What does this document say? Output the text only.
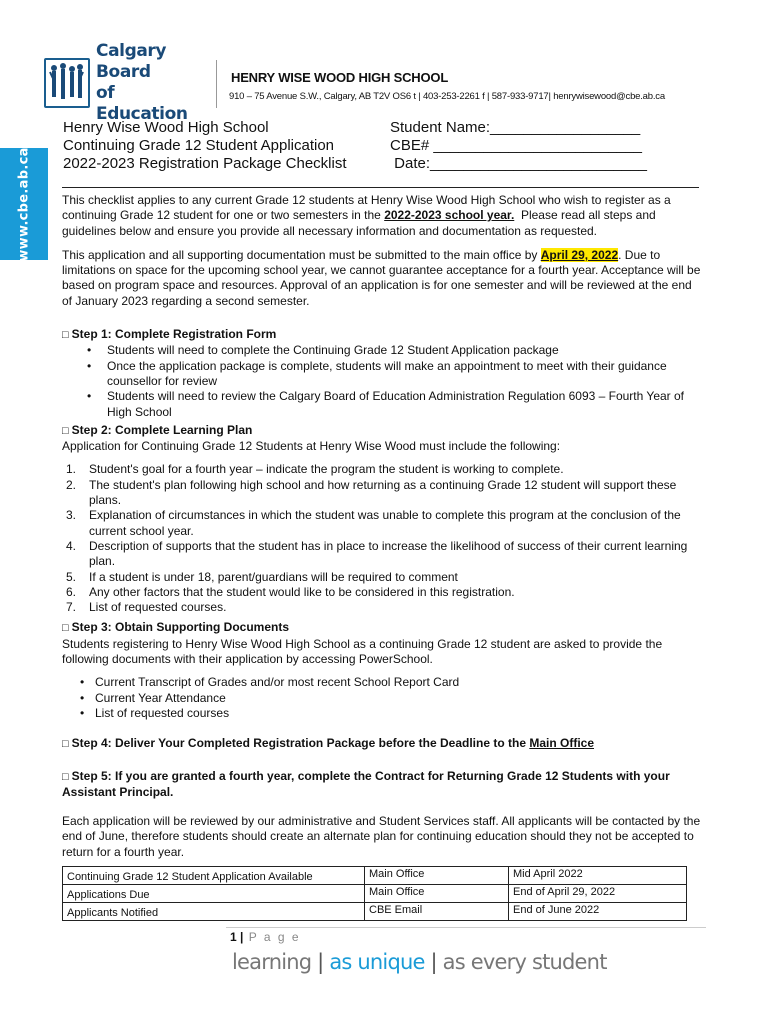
www.cbe.ab.ca
Calgary Board
of Education
HENRY WISE WOOD HIGH SCHOOL
910 – 75 Avenue S.W., Calgary, AB T2V OS6 t | 403-253-2261 f | 587-933-9717| henrywisewood@cbe.ab.ca
Henry Wise Wood High School
Continuing Grade 12 Student Application
2022-2023 Registration Package Checklist
Student Name:__________________
CBE# _________________________
Date:__________________________

This checklist applies to any current Grade 12 students at Henry Wise Wood High School who wish to register as a continuing Grade 12 student for one or two semesters in the 2022-2023 school year.  Please read all steps and guidelines below and ensure you provide all necessary information and documentation as requested.

This application and all supporting documentation must be submitted to the main office by April 29, 2022. Due to limitations on space for the upcoming school year, we cannot guarantee acceptance for a fourth year. Acceptance will be based on program space and resources. Approval of an application is for one semester and will be reviewed at the end of January 2023 regarding a second semester.

□ Step 1: Complete Registration Form

• Students will need to complete the Continuing Grade 12 Student Application package
• Once the application package is complete, students will make an appointment to meet with their guidance counsellor for review
• Students will need to review the Calgary Board of Education Administration Regulation 6093 – Fourth Year of High School

□ Step 2: Complete Learning Plan

Application for Continuing Grade 12 Students at Henry Wise Wood must include the following:

1. Student's goal for a fourth year – indicate the program the student is working to complete.
2. The student's plan following high school and how returning as a continuing Grade 12 student will support these plans.
3. Explanation of circumstances in which the student was unable to complete this program at the conclusion of the current school year.
4. Description of supports that the student has in place to increase the likelihood of success of their current learning plan.
5. If a student is under 18, parent/guardians will be required to comment
6. Any other factors that the student would like to be considered in this registration.
7. List of requested courses.

□ Step 3: Obtain Supporting Documents

Students registering to Henry Wise Wood High School as a continuing Grade 12 student are asked to provide the following documents with their application by accessing PowerSchool.

• Current Transcript of Grades and/or most recent School Report Card
• Current Year Attendance
• List of requested courses

□ Step 4: Deliver Your Completed Registration Package before the Deadline to the Main Office

□ Step 5: If you are granted a fourth year, complete the Contract for Returning Grade 12 Students with your Assistant Principal.

Each application will be reviewed by our administrative and Student Services staff. All applicants will be contacted by the end of June, therefore students should create an alternate plan for continuing education should they not be accepted to return for a fourth year.

Continuing Grade 12 Student Application Available	Main Office	Mid April 2022
Applications Due	Main Office	End of April 29, 2022
Applicants Notified	CBE Email	End of June 2022
1 | P a g e
learning | as unique | as every student
